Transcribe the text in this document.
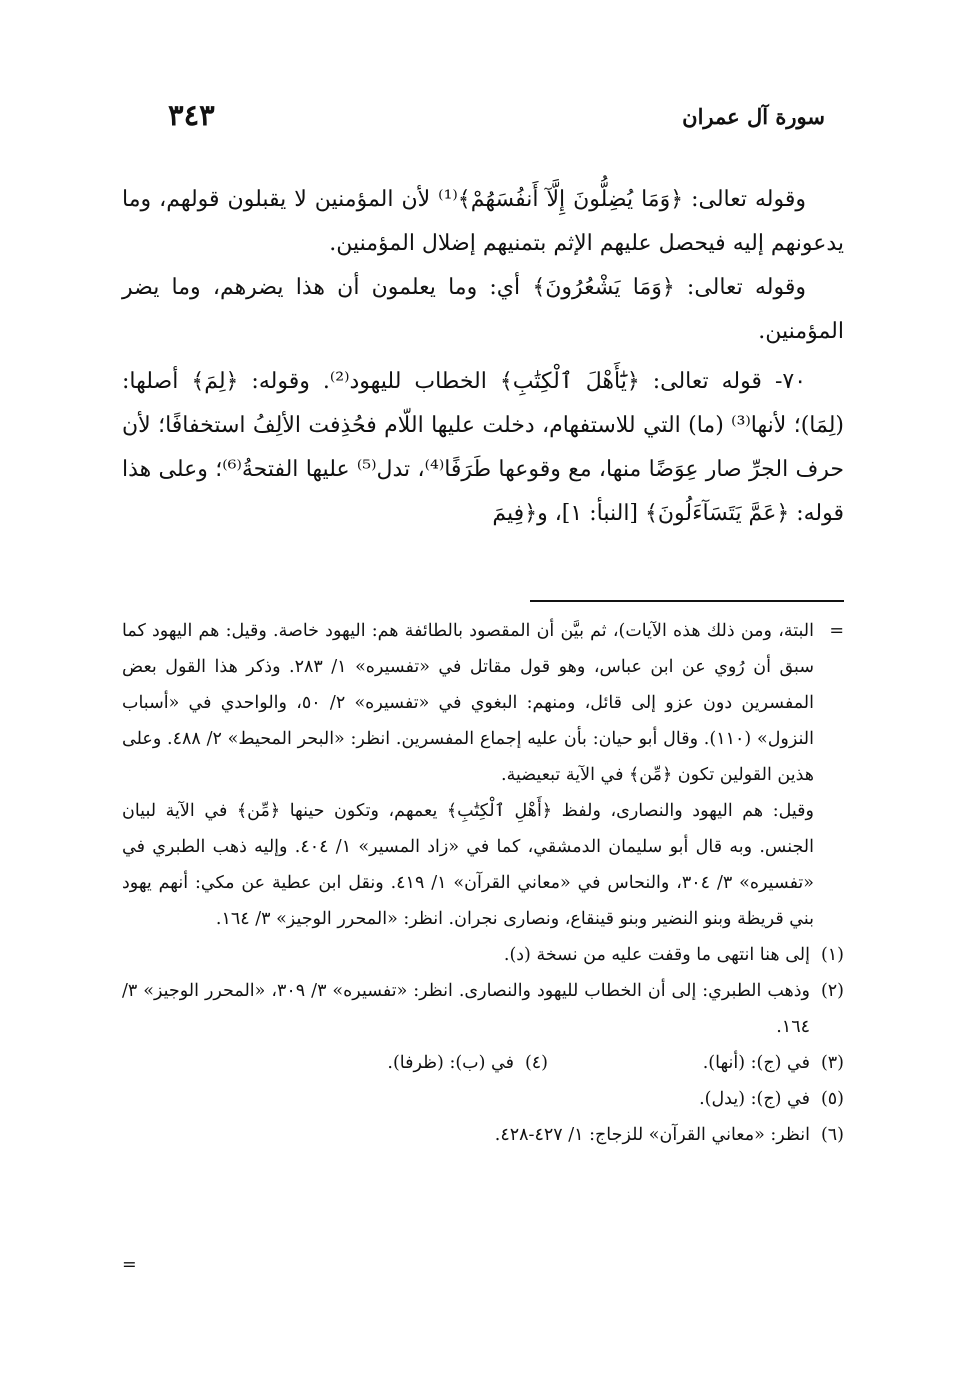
سورة آل عمران
٣٤٣

وقوله تعالى: ﴿وَمَا يُضِلُّونَ إِلَّآ أَنفُسَهُمْ﴾⁽¹⁾ لأن المؤمنين لا يقبلون قولهم، وما يدعونهم إليه فيحصل عليهم الإثم بتمنيهم إضلال المؤمنين.

وقوله تعالى: ﴿وَمَا يَشْعُرُونَ﴾ أي: وما يعلمون أن هذا يضرهم، وما يضر المؤمنين.

٧٠- قوله تعالى: ﴿يَٰٓأَهْلَ ٱلْكِتَٰبِ﴾ الخطاب لليهود⁽²⁾. وقوله: ﴿لِمَ﴾ أصلها: (لِمَا)؛ لأنها⁽³⁾ (ما) التي للاستفهام، دخلت عليها اللّام فحُذِفت الألِفُ استخفافًا؛ لأن حرف الجرِّ صار عِوَضًا منها، مع وقوعها طَرَفًا⁽⁴⁾، تدل⁽⁵⁾ عليها الفتحةُ⁽⁶⁾؛ وعلى هذا قوله: ﴿عَمَّ يَتَسَآءَلُونَ﴾ [النبأ: ١]، و﴿فِيمَ

=
البتة، ومن ذلك هذه الآيات)، ثم بيَّن أن المقصود بالطائفة هم: اليهود خاصة. وقيل: هم اليهود كما سبق أن رُوي عن ابن عباس، وهو قول مقاتل في «تفسيره» ١/ ٢٨٣. وذكر هذا القول بعض المفسرين دون عزو إلى قائل، ومنهم: البغوي في «تفسيره» ٢/ ٥٠، والواحدي في «أسباب النزول» (١١٠). وقال أبو حيان: بأن عليه إجماع المفسرين. انظر: «البحر المحيط» ٢/ ٤٨٨. وعلى هذين القولين تكون ﴿مِّن﴾ في الآية تبعيضية.

وقيل: هم اليهود والنصارى، ولفظ ﴿أَهْلِ ٱلْكِتَٰبِ﴾ يعمهم، وتكون حينها ﴿مِّن﴾ في الآية لبيان الجنس. وبه قال أبو سليمان الدمشقي، كما في «زاد المسير» ١/ ٤٠٤. وإليه ذهب الطبري في «تفسيره» ٣/ ٣٠٤، والنحاس في «معاني القرآن» ١/ ٤١٩. ونقل ابن عطية عن مكي: أنهم يهود بني قريظة وبنو النضير وبنو قينقاع، ونصارى نجران. انظر: «المحرر الوجيز» ٣/ ١٦٤.

(١)
إلى هنا انتهى ما وقفت عليه من نسخة (د).

(٢)
وذهب الطبري: إلى أن الخطاب لليهود والنصارى. انظر: «تفسيره» ٣/ ٣٠٩، «المحرر الوجيز» ٣/ ١٦٤.

(٣)
في (ج): (أنها).
(٤)
في (ب): (ظرفا).

(٥)
في (ج): (يدل).

(٦)
انظر: «معاني القرآن» للزجاج: ١/ ٤٢٧-٤٢٨.

=
